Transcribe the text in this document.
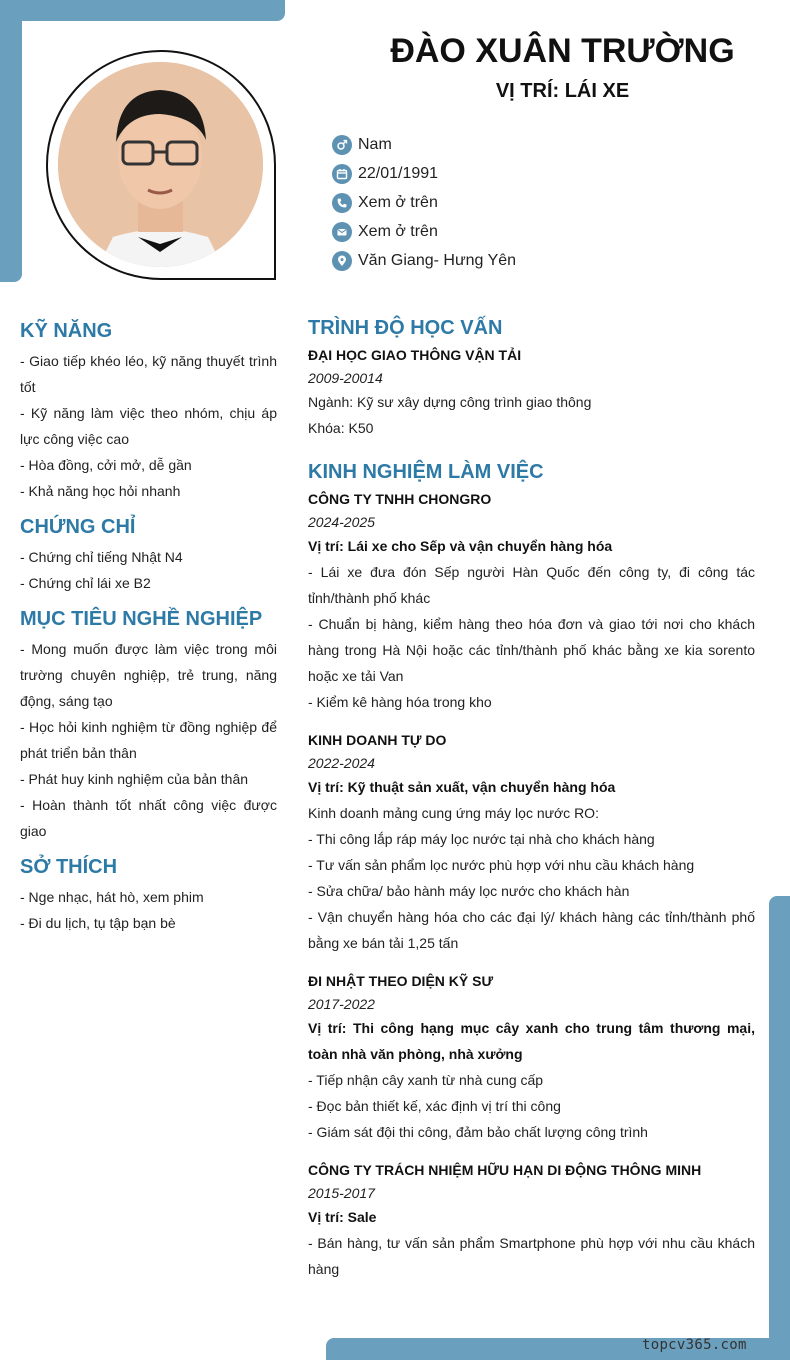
ĐÀO XUÂN TRƯỜNG
VỊ TRÍ: LÁI XE
Nam
22/01/1991
Xem ở trên
Xem ở trên
Văn Giang- Hưng Yên
KỸ NĂNG
- Giao tiếp khéo léo, kỹ năng thuyết trình tốt
- Kỹ năng làm việc theo nhóm, chịu áp lực công việc cao
- Hòa đồng, cởi mở, dễ gần
- Khả năng học hỏi nhanh
CHỨNG CHỈ
- Chứng chỉ tiếng Nhật N4
- Chứng chỉ lái xe B2
MỤC TIÊU NGHỀ NGHIỆP
- Mong muốn được làm việc trong môi trường chuyên nghiệp, trẻ trung, năng động, sáng tạo
- Học hỏi kinh nghiệm từ đồng nghiệp để phát triển bản thân
- Phát huy kinh nghiệm của bản thân
- Hoàn thành tốt nhất công việc được giao
SỞ THÍCH
- Nge nhạc, hát hò, xem phim
- Đi du lịch, tụ tập bạn bè
TRÌNH ĐỘ HỌC VẤN
ĐẠI HỌC GIAO THÔNG VẬN TẢI
2009-20014
Ngành: Kỹ sư xây dựng công trình giao thông
Khóa: K50
KINH NGHIỆM LÀM VIỆC
CÔNG TY TNHH CHONGRO
2024-2025
Vị trí: Lái xe cho Sếp và vận chuyển hàng hóa
- Lái xe đưa đón Sếp người Hàn Quốc đến công ty, đi công tác tỉnh/thành phố khác
- Chuẩn bị hàng, kiểm hàng theo hóa đơn và giao tới nơi cho khách hàng trong Hà Nội hoặc các tỉnh/thành phố khác bằng xe kia sorento hoặc xe tải Van
- Kiểm kê hàng hóa trong kho
KINH DOANH TỰ DO
2022-2024
Vị trí: Kỹ thuật sản xuất, vận chuyển hàng hóa
Kinh doanh mảng cung ứng máy lọc nước RO:
- Thi công lắp ráp máy lọc nước tại nhà cho khách hàng
- Tư vấn sản phẩm lọc nước phù hợp với nhu cầu khách hàng
- Sửa chữa/ bảo hành máy lọc nước cho khách hàn
- Vận chuyển hàng hóa cho các đại lý/ khách hàng các tỉnh/thành phố bằng xe bán tải 1,25 tấn
ĐI NHẬT THEO DIỆN KỸ SƯ
2017-2022
Vị trí: Thi công hạng mục cây xanh cho trung tâm thương mại, toàn nhà văn phòng, nhà xưởng
- Tiếp nhận cây xanh từ nhà cung cấp
- Đọc bản thiết kế, xác định vị trí thi công
- Giám sát đội thi công, đảm bảo chất lượng công trình
CÔNG TY TRÁCH NHIỆM HỮU HẠN DI ĐỘNG THÔNG MINH
2015-2017
Vị trí: Sale
- Bán hàng, tư vấn sản phẩm Smartphone phù hợp với nhu cầu khách hàng
topcv365.com
